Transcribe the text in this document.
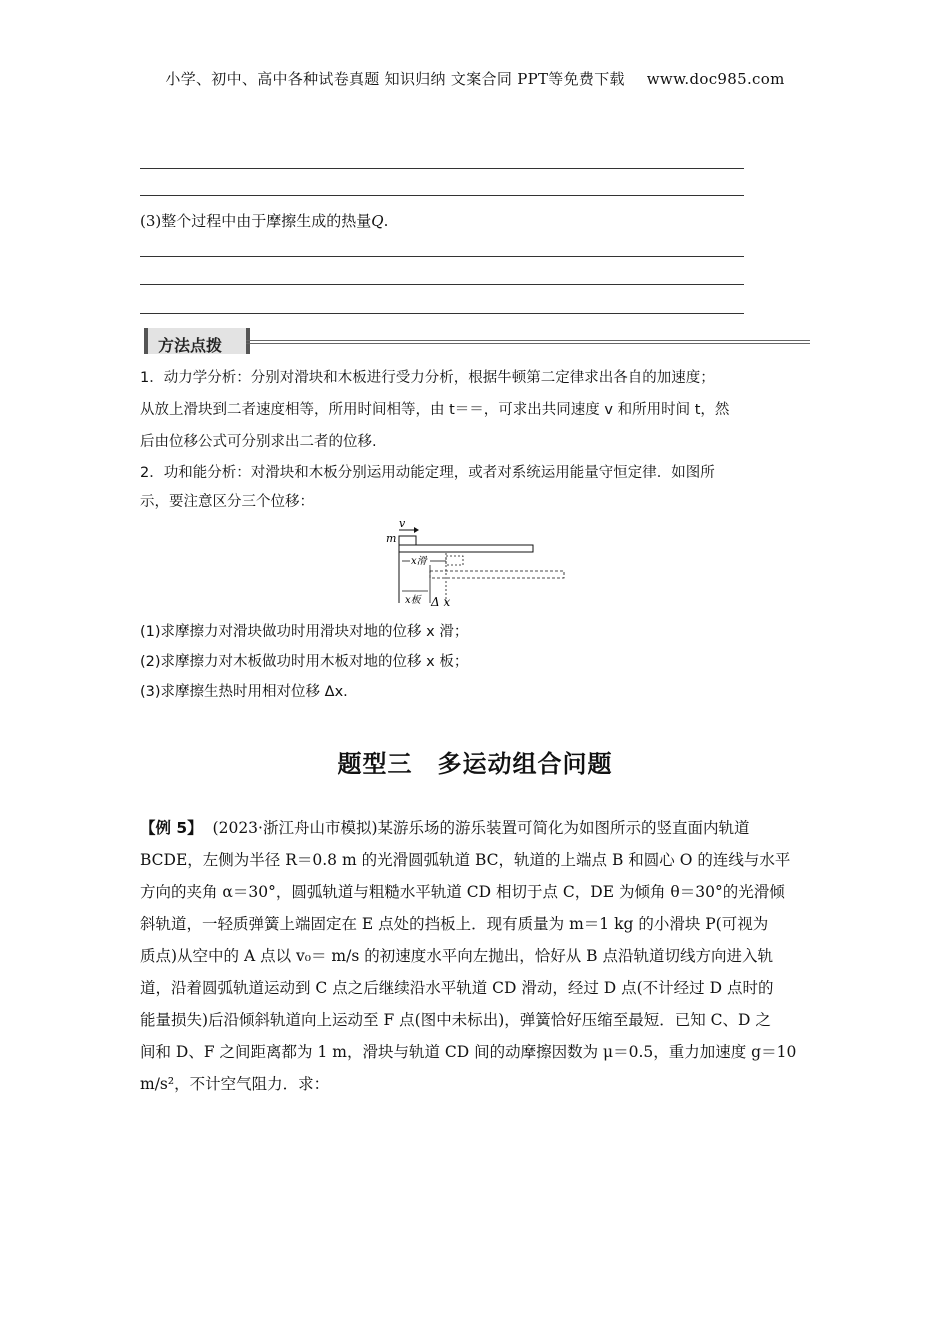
小学、初中、高中各种试卷真题 知识归纳 文案合同 PPT等免费下载 www.doc985.com
(3)整个过程中由于摩擦生成的热量Q.
方法点拨
1．动力学分析：分别对滑块和木板进行受力分析，根据牛顿第二定律求出各自的加速度；
从放上滑块到二者速度相等，所用时间相等，由 t＝＝，可求出共同速度 v 和所用时间 t，然
后由位移公式可分别求出二者的位移.
2．功和能分析：对滑块和木板分别运用动能定理，或者对系统运用能量守恒定律．如图所
示，要注意区分三个位移：
v
m
x滑
x板 Δ x
(1)求摩擦力对滑块做功时用滑块对地的位移 x 滑；
(2)求摩擦力对木板做功时用木板对地的位移 x 板；
(3)求摩擦生热时用相对位移 Δx.
题型三　多运动组合问题
【例 5】 (2023·浙江舟山市模拟)某游乐场的游乐装置可简化为如图所示的竖直面内轨道
BCDE，左侧为半径 R＝0.8 m 的光滑圆弧轨道 BC，轨道的上端点 B 和圆心 O 的连线与水平
方向的夹角 α＝30°，圆弧轨道与粗糙水平轨道 CD 相切于点 C，DE 为倾角 θ＝30°的光滑倾
斜轨道，一轻质弹簧上端固定在 E 点处的挡板上．现有质量为 m＝1 kg 的小滑块 P(可视为
质点)从空中的 A 点以 v₀＝ m/s 的初速度水平向左抛出，恰好从 B 点沿轨道切线方向进入轨
道，沿着圆弧轨道运动到 C 点之后继续沿水平轨道 CD 滑动，经过 D 点(不计经过 D 点时的
能量损失)后沿倾斜轨道向上运动至 F 点(图中未标出)，弹簧恰好压缩至最短．已知 C、D 之
间和 D、F 之间距离都为 1 m，滑块与轨道 CD 间的动摩擦因数为 μ＝0.5，重力加速度 g＝10
m/s²，不计空气阻力．求：
